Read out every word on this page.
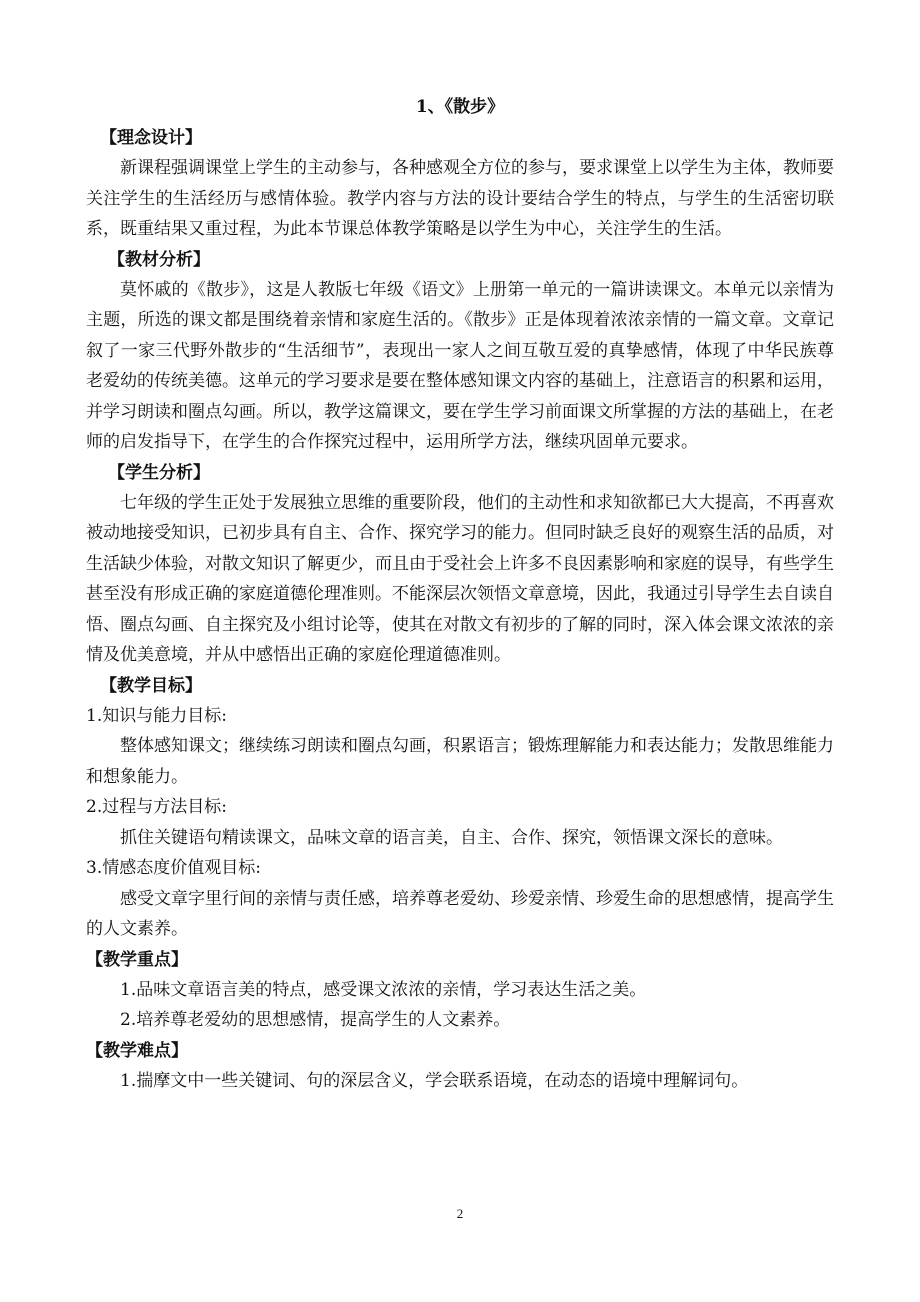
1、《散步》
【理念设计】

新课程强调课堂上学生的主动参与，各种感观全方位的参与，要求课堂上以学生为主体，教师要关注学生的生活经历与感情体验。教学内容与方法的设计要结合学生的特点，与学生的生活密切联系，既重结果又重过程，为此本节课总体教学策略是以学生为中心，关注学生的生活。

【教材分析】

莫怀戚的《散步》，这是人教版七年级《语文》上册第一单元的一篇讲读课文。本单元以亲情为主题，所选的课文都是围绕着亲情和家庭生活的。《散步》正是体现着浓浓亲情的一篇文章。文章记叙了一家三代野外散步的“生活细节”，表现出一家人之间互敬互爱的真挚感情，体现了中华民族尊老爱幼的传统美德。这单元的学习要求是要在整体感知课文内容的基础上，注意语言的积累和运用，并学习朗读和圈点勾画。所以，教学这篇课文，要在学生学习前面课文所掌握的方法的基础上，在老师的启发指导下，在学生的合作探究过程中，运用所学方法，继续巩固单元要求。

【学生分析】

七年级的学生正处于发展独立思维的重要阶段，他们的主动性和求知欲都已大大提高，不再喜欢被动地接受知识，已初步具有自主、合作、探究学习的能力。但同时缺乏良好的观察生活的品质，对生活缺少体验，对散文知识了解更少，而且由于受社会上许多不良因素影响和家庭的误导，有些学生甚至没有形成正确的家庭道德伦理准则。不能深层次领悟文章意境，因此，我通过引导学生去自读自悟、圈点勾画、自主探究及小组讨论等，使其在对散文有初步的了解的同时，深入体会课文浓浓的亲情及优美意境，并从中感悟出正确的家庭伦理道德准则。

【教学目标】

1.知识与能力目标:

整体感知课文；继续练习朗读和圈点勾画，积累语言；锻炼理解能力和表达能力；发散思维能力和想象能力。

2.过程与方法目标:

抓住关键语句精读课文，品味文章的语言美，自主、合作、探究，领悟课文深长的意味。

3.情感态度价值观目标:

感受文章字里行间的亲情与责任感，培养尊老爱幼、珍爱亲情、珍爱生命的思想感情，提高学生的人文素养。

【教学重点】

1.品味文章语言美的特点，感受课文浓浓的亲情，学习表达生活之美。

2.培养尊老爱幼的思想感情，提高学生的人文素养。

【教学难点】

1.揣摩文中一些关键词、句的深层含义，学会联系语境，在动态的语境中理解词句。

2
